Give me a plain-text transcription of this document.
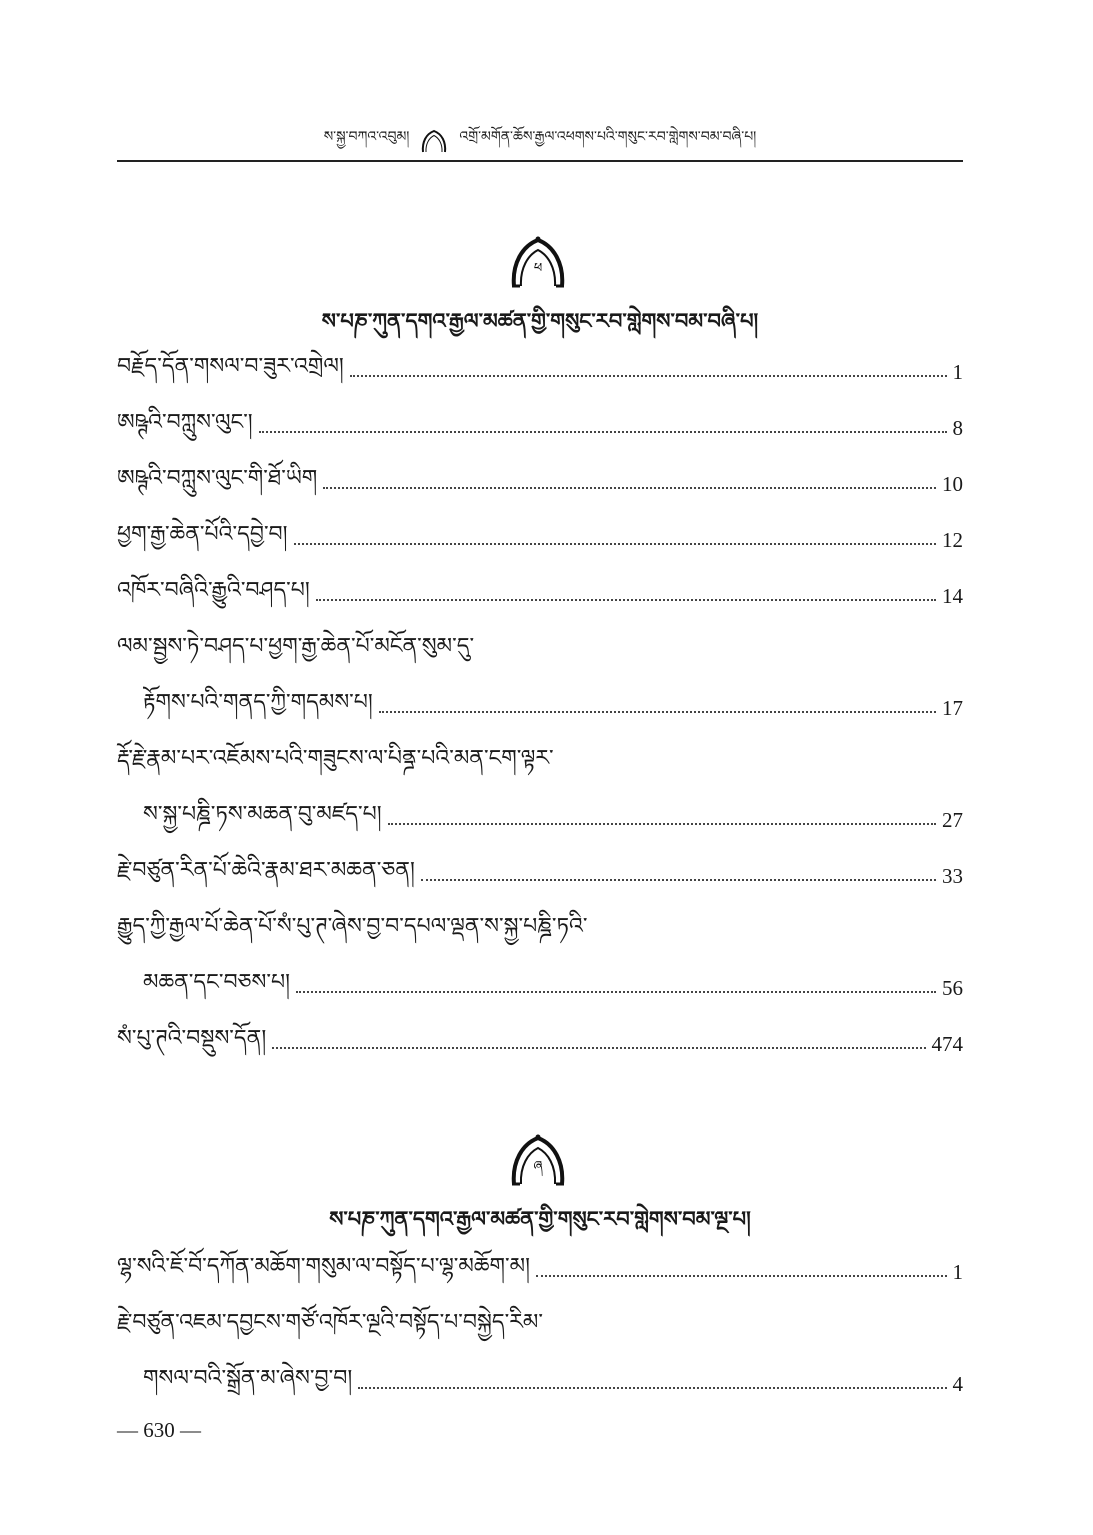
ས་སྐྱ་བཀའ་འབུམ།	འགྲོ་མགོན་ཆོས་རྒྱལ་འཕགས་པའི་གསུང་རབ་གླེགས་བམ་བཞི་པ།
ཕ
ས་པཎ་ཀུན་དགའ་རྒྱལ་མཚན་གྱི་གསུང་རབ་གླེགས་བམ་བཞི་པ།
བརྗོད་དོན་གསལ་བ་ཟུར་འགྲེལ།	1
ཨཥྚའི་བཀླུས་ལུང་།	8
ཨཥྚའི་བཀླུས་ལུང་གི་ཐོ་ཡིག	10
ཕྱག་རྒྱ་ཆེན་པོའི་དབྱེ་བ།	12
འཁོར་བཞིའི་རྒྱུའི་བཤད་པ།	14
ལམ་སྦྱས་ཏེ་བཤད་པ་ཕྱག་རྒྱ་ཆེན་པོ་མངོན་སུམ་དུ་
རྟོགས་པའི་གནད་ཀྱི་གདམས་པ།	17
རྡོ་རྗེ་རྣམ་པར་འཇོམས་པའི་གཟུངས་ལ་པིནྜ་པའི་མན་ངག་ལྟར་
ས་སྐྱ་པཎྜི་ཏས་མཆན་བུ་མཛད་པ།	27
རྗེ་བཙུན་རིན་པོ་ཆེའི་རྣམ་ཐར་མཆན་ཅན།	33
རྒྱུད་ཀྱི་རྒྱལ་པོ་ཆེན་པོ་སཾ་པུ་ཊ་ཞེས་བྱ་བ་དཔལ་ལྡན་ས་སྐྱ་པཎྜི་ཏའི་
མཆན་དང་བཅས་པ།	56
སཾ་པུ་ཊའི་བསྡུས་དོན།	474
ཞ
ས་པཎ་ཀུན་དགའ་རྒྱལ་མཚན་གྱི་གསུང་རབ་གླེགས་བམ་ལྔ་པ།
ལྷ་སའི་ཇོ་བོ་དཀོན་མཆོག་གསུམ་ལ་བསྟོད་པ་ལྷ་མཆོག་མ།	1
རྗེ་བཙུན་འཇམ་དབྱངས་གཙོ་འཁོར་ལྔའི་བསྟོད་པ་བསྐྱེད་རིམ་
གསལ་བའི་སྒྲོན་མ་ཞེས་བྱ་བ།	4
— 630 —
